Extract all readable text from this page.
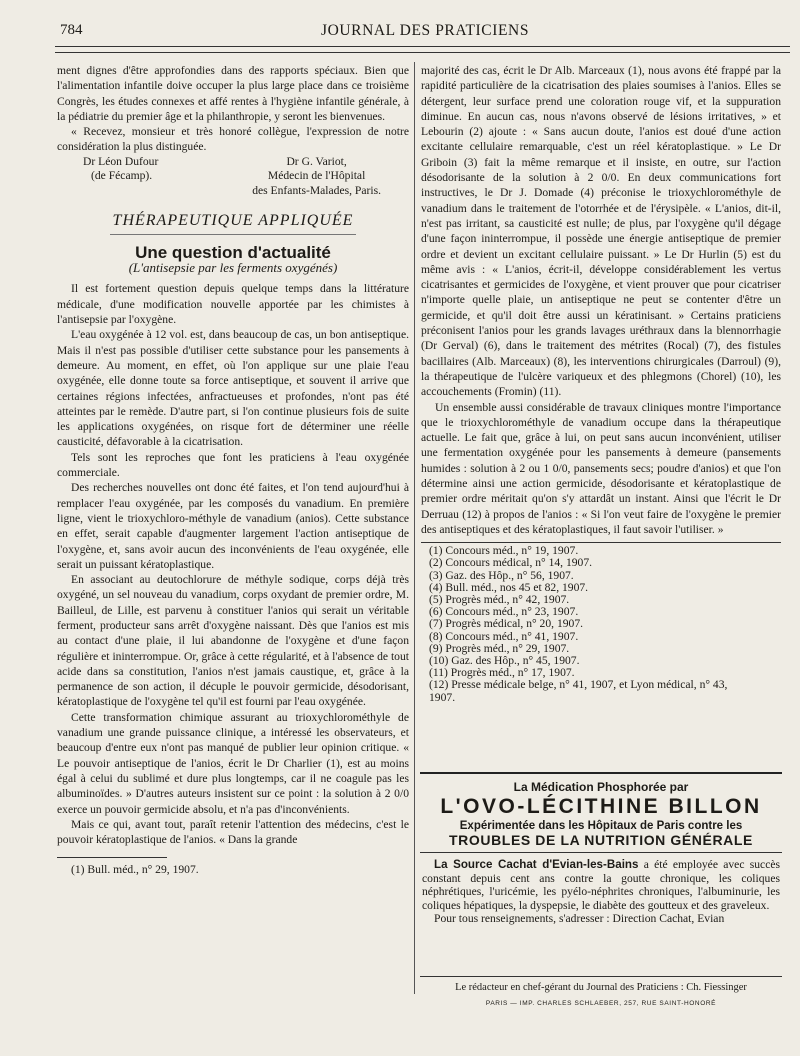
784	JOURNAL DES PRATICIENS

ment dignes d'être approfondies dans des rapports spéciaux. Bien que l'alimentation infantile doive occuper la plus large place dans ce troisième Congrès, les études connexes et affé rentes à l'hygiène infantile générale, à la pédiatrie du premier âge et la philanthropie, y seront les bienvenues.

« Recevez, monsieur et très honoré collègue, l'expression de notre considération la plus distinguée.

Dr Léon Dufour
(de Fécamp).
Dr G. Variot,
Médecin de l'Hôpital
des Enfants-Malades, Paris.
THÉRAPEUTIQUE APPLIQUÉE
Une question d'actualité
(L'antisepsie par les ferments oxygénés)

Il est fortement question depuis quelque temps dans la littérature médicale, d'une modification nouvelle apportée par les chimistes à l'antisepsie par l'oxygène.

L'eau oxygénée à 12 vol. est, dans beaucoup de cas, un bon antiseptique. Mais il n'est pas possible d'utiliser cette substance pour les pansements à demeure. Au moment, en effet, où l'on applique sur une plaie l'eau oxygénée, elle donne toute sa force antiseptique, et souvent il arrive que certaines régions infectées, anfractueuses et profondes, n'ont pas été atteintes par le remède. D'autre part, si l'on continue plusieurs fois de suite les applications oxygénées, on risque fort de déterminer une réelle causticité, défavorable à la cicatrisation.

Tels sont les reproches que font les praticiens à l'eau oxygénée commerciale.

Des recherches nouvelles ont donc été faites, et l'on tend aujourd'hui à remplacer l'eau oxygénée, par les composés du vanadium. En première ligne, vient le trioxychloro-méthyle de vanadium (anios). Cette substance en effet, serait capable d'augmenter largement l'action antiseptique de l'oxygène, et, sans avoir aucun des inconvénients de l'eau oxygénée, elle serait un puissant kératoplastique.

En associant au deutochlorure de méthyle sodique, corps déjà très oxygéné, un sel nouveau du vanadium, corps oxydant de premier ordre, M. Bailleul, de Lille, est parvenu à constituer l'anios qui serait un véritable ferment, producteur sans arrêt d'oxygène naissant. Dès que l'anios est mis au contact d'une plaie, il lui abandonne de l'oxygène et d'une façon régulière et ininterrompue. Or, grâce à cette régularité, et à l'absence de tout acide dans sa constitution, l'anios n'est jamais caustique, et, grâce à la permanence de son action, il décuple le pouvoir germicide, désodorisant, kératoplastique de l'oxygène tel qu'il est fourni par l'eau oxygénée.

Cette transformation chimique assurant au trioxychlorométhyle de vanadium une grande puissance clinique, a intéressé les observateurs, et beaucoup d'entre eux n'ont pas manqué de publier leur opinion critique. « Le pouvoir antiseptique de l'anios, écrit le Dr Charlier (1), est au moins égal à celui du sublimé et dure plus longtemps, car il ne coagule pas les albuminoïdes. » D'autres auteurs insistent sur ce point : la solution à 2 0/0 exerce un pouvoir germicide absolu, et n'a pas d'inconvénients.

Mais ce qui, avant tout, paraît retenir l'attention des médecins, c'est le pouvoir kératoplastique de l'anios. « Dans la grande

(1) Bull. méd., n° 29, 1907.

majorité des cas, écrit le Dr Alb. Marceaux (1), nous avons été frappé par la rapidité particulière de la cicatrisation des plaies soumises à l'anios. Elles se détergent, leur surface prend une coloration rouge vif, et la suppuration diminue. En aucun cas, nous n'avons observé de lésions irritatives, » et Lebourin (2) ajoute : « Sans aucun doute, l'anios est doué d'une action excitante cellulaire remarquable, c'est un réel kératoplastique. » Le Dr Griboin (3) fait la même remarque et il insiste, en outre, sur l'action désodorisante de la solution à 2 0/0. En deux communications fort instructives, le Dr J. Domade (4) préconise le trioxychlorométhyle de vanadium dans le traitement de l'otorrhée et de l'érysipèle. « L'anios, dit-il, n'est pas irritant, sa causticité est nulle; de plus, par l'oxygène qu'il dégage d'une façon ininterrompue, il possède une énergie antiseptique de premier ordre et devient un excitant cellulaire puissant. » Le Dr Hurlin (5) est du même avis : « L'anios, écrit-il, développe considérablement les vertus cicatrisantes et germicides de l'oxygène, et vient prouver que pour cicatriser n'importe quelle plaie, un antiseptique ne peut se contenter d'être un germicide, et qu'il doit être aussi un kératinisant. » Certains praticiens préconisent l'anios pour les grands lavages uréthraux dans la blennorrhagie (Dr Gerval) (6), dans le traitement des métrites (Rocal) (7), des fistules bacillaires (Alb. Marceaux) (8), les interventions chirurgicales (Darroul) (9), la thérapeutique de l'ulcère variqueux et des phlegmons (Chorel) (10), les accouchements (Fromin) (11).

Un ensemble aussi considérable de travaux cliniques montre l'importance que le trioxychlorométhyle de vanadium occupe dans la thérapeutique actuelle. Le fait que, grâce à lui, on peut sans aucun inconvénient, utiliser une fermentation oxygénée pour les pansements à demeure (pansements humides : solution à 2 ou 1 0/0, pansements secs; poudre d'anios) et que l'on détermine ainsi une action germicide, désodorisante et kératoplastique de premier ordre méritait qu'on s'y attardât un instant. Ainsi que l'écrit le Dr Derruau (12) à propos de l'anios : « Si l'on veut faire de l'oxygène le premier des antiseptiques et des kératoplastiques, il faut savoir l'utiliser. »

(1) Concours méd., n° 19, 1907.
(2) Concours médical, n° 14, 1907.
(3) Gaz. des Hôp., n° 56, 1907.
(4) Bull. méd., nos 45 et 82, 1907.
(5) Progrès méd., n° 42, 1907.
(6) Concours méd., n° 23, 1907.
(7) Progrès médical, n° 20, 1907.
(8) Concours méd., n° 41, 1907.
(9) Progrès méd., n° 29, 1907.
(10) Gaz. des Hôp., n° 45, 1907.
(11) Progrès méd., n° 17, 1907.
(12) Presse médicale belge, n° 41, 1907, et Lyon médical, n° 43,
1907.
La Médication Phosphorée par
L'OVO-LÉCITHINE BILLON
Expérimentée dans les Hôpitaux de Paris contre les
TROUBLES DE LA NUTRITION GÉNÉRALE

La Source Cachat d'Evian-les-Bains a été employée avec succès constant depuis cent ans contre la goutte chronique, les coliques néphrétiques, l'uricémie, les pyélo-néphrites chroniques, l'albuminurie, les coliques hépatiques, la dyspepsie, le diabète des goutteux et des graveleux.

Pour tous renseignements, s'adresser : Direction Cachat, Evian

Le rédacteur en chef-gérant du Journal des Praticiens : Ch. Fiessinger
PARIS — IMP. CHARLES SCHLAEBER, 257, RUE SAINT-HONORÉ
